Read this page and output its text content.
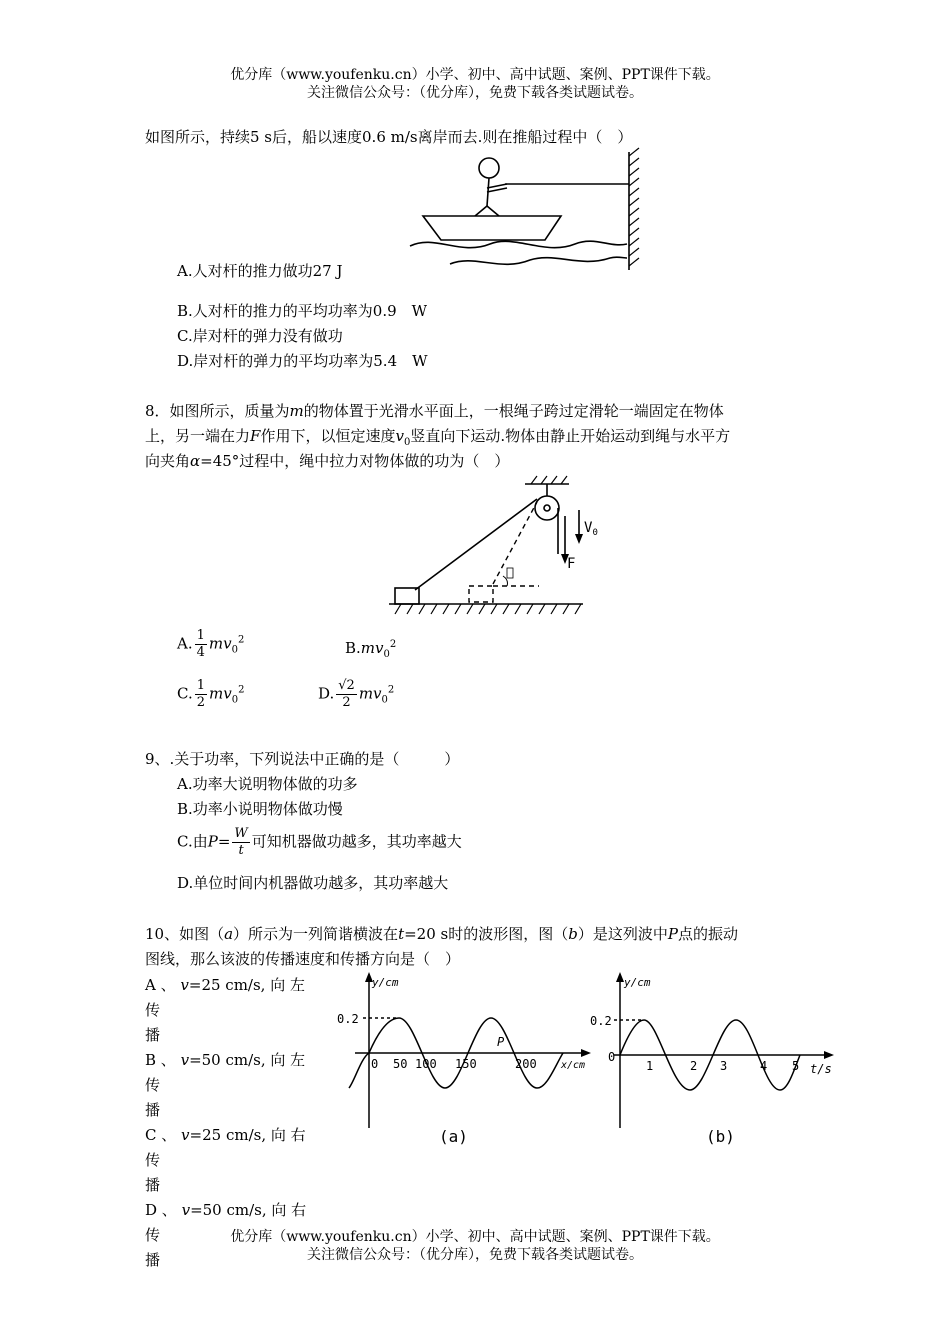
优分库（www.youfenku.cn）小学、初中、高中试题、案例、PPT课件下载。
关注微信公众号：（优分库），免费下载各类试题试卷。
如图所示，持续5 s后，船以速度0.6 m/s离岸而去.则在推船过程中（　）
A.人对杆的推力做功27 J
B.人对杆的推力的平均功率为0.9　W
C.岸对杆的弹力没有做功
D.岸对杆的弹力的平均功率为5.4　W
8．如图所示，质量为m的物体置于光滑水平面上，一根绳子跨过定滑轮一端固定在物体
上，另一端在力F作用下，以恒定速度$v_0$竖直向下运动.物体由静止开始运动到绳与水平方
向夹角α=45°过程中，绳中拉力对物体做的功为（　）
$V_0$
F
A. $\frac{1}{4} mv_0^2$	$B.mv_0^2$
C. $\frac{1}{2} mv_0^2$	D. $\frac{√2}{2} mv_0^2$
9、.关于功率，下列说法中正确的是（　　　）
A.功率大说明物体做的功多
B.功率小说明物体做功慢
C.由$P= \frac{W}{t}$ 可知机器做功越多，其功率越大
D.单位时间内机器做功越多，其功率越大
10、如图（a）所示为一列简谐横波在t=20 s时的波形图，图（b）是这列波中P点的振动
图线，那么该波的传播速度和传播方向是（　）
A 、 v=25 cm/s, 向 左 传
播
B 、 v=50 cm/s, 向 左 传
播
C 、 v=25 cm/s, 向 右 传
播
D 、 v=50 cm/s, 向 右 传
播
y/cm
0.2
0 50 100 150	200 x/cm
P
(a)
y/cm
0.2
0
1	2 3	4 5 t/s
(b)
优分库（www.youfenku.cn）小学、初中、高中试题、案例、PPT课件下载。
关注微信公众号：（优分库），免费下载各类试题试卷。
